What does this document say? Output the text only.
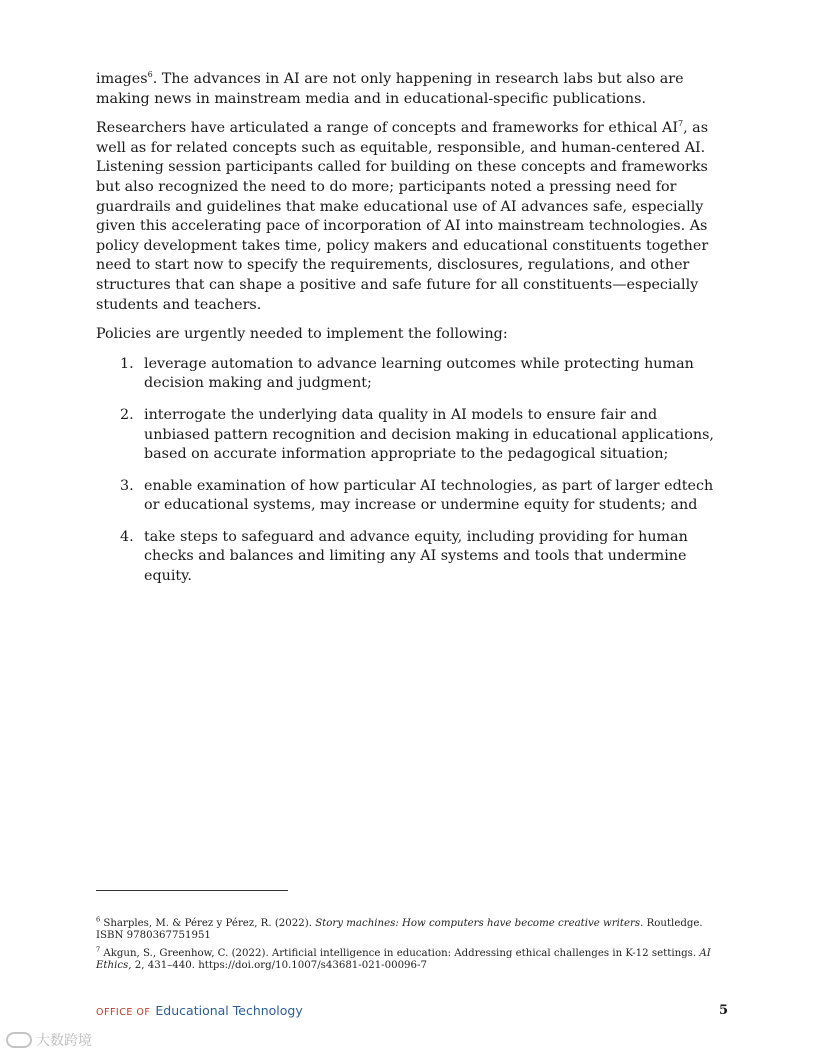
images$^6$. The advances in AI are not only happening in research labs but also are making news in mainstream media and in educational-specific publications.

Researchers have articulated a range of concepts and frameworks for ethical $AI^7$, as well as for related concepts such as equitable, responsible, and human-centered AI. Listening session participants called for building on these concepts and frameworks but also recognized the need to do more; participants noted a pressing need for guardrails and guidelines that make educational use of AI advances safe, especially given this accelerating pace of incorporation of AI into mainstream technologies. As policy development takes time, policy makers and educational constituents together need to start now to specify the requirements, disclosures, regulations, and other structures that can shape a positive and safe future for all constituents—especially students and teachers.

Policies are urgently needed to implement the following:

1. leverage automation to advance learning outcomes while protecting human decision making and judgment;
2. interrogate the underlying data quality in AI models to ensure fair and unbiased pattern recognition and decision making in educational applications, based on accurate information appropriate to the pedagogical situation;
3. enable examination of how particular AI technologies, as part of larger edtech or educational systems, may increase or undermine equity for students; and
4. take steps to safeguard and advance equity, including providing for human checks and balances and limiting any AI systems and tools that undermine equity.
$^6$ Sharples, M. & Pérez y Pérez, R. (2022). Story machines: How computers have become creative writers. Routledge. ISBN 9780367751951
$^7$ Akgun, S., Greenhow, C. (2022). Artificial intelligence in education: Addressing ethical challenges in K-12 settings. AI Ethics, 2, 431–440. https://doi.org/10.1007/s43681-021-00096-7
OFFICE OF Educational Technology	5
大数跨境
